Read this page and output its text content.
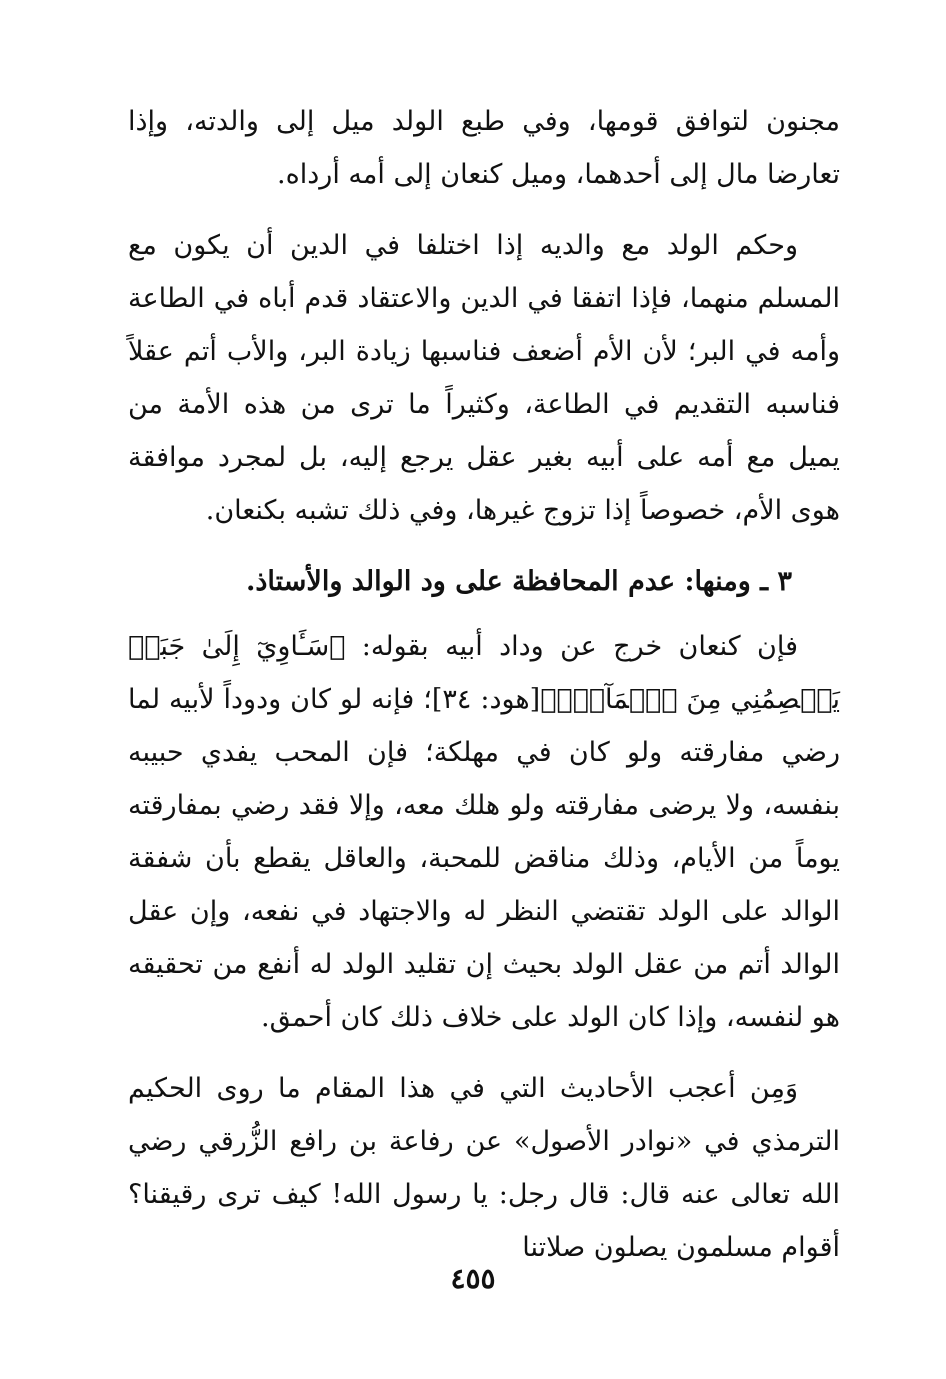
مجنون لتوافق قومها، وفي طبع الولد ميل إلى والدته، وإذا تعارضا مال إلى أحدهما، وميل كنعان إلى أمه أرداه.

وحكم الولد مع والديه إذا اختلفا في الدين أن يكون مع المسلم منهما، فإذا اتفقا في الدين والاعتقاد قدم أباه في الطاعة وأمه في البر؛ لأن الأم أضعف فناسبها زيادة البر، والأب أتم عقلاً فناسبه التقديم في الطاعة، وكثيراً ما ترى من هذه الأمة من يميل مع أمه على أبيه بغير عقل يرجع إليه، بل لمجرد موافقة هوى الأم، خصوصاً إذا تزوج غيرها، وفي ذلك تشبه بكنعان.

٣ ـ ومنها: عدم المحافظة على ود الوالد والأستاذ.

فإن كنعان خرج عن وداد أبيه بقوله: ﴿سَـَٔاوِيٓ إِلَىٰ جَبَلٖ يَعۡصِمُنِي مِنَ ٱلۡمَآءِۚ﴾[هود: ٣٤]؛ فإنه لو كان ودوداً لأبيه لما رضي مفارقته ولو كان في مهلكة؛ فإن المحب يفدي حبيبه بنفسه، ولا يرضى مفارقته ولو هلك معه، وإلا فقد رضي بمفارقته يوماً من الأيام، وذلك مناقض للمحبة، والعاقل يقطع بأن شفقة الوالد على الولد تقتضي النظر له والاجتهاد في نفعه، وإن عقل الوالد أتم من عقل الولد بحيث إن تقليد الولد له أنفع من تحقيقه هو لنفسه، وإذا كان الولد على خلاف ذلك كان أحمق.

وَمِن أعجب الأحاديث التي في هذا المقام ما روى الحكيم الترمذي في «نوادر الأصول» عن رفاعة بن رافع الزُّرقي رضي الله تعالى عنه قال: قال رجل: يا رسول الله! كيف ترى رقيقنا؟ أقوام مسلمون يصلون صلاتنا

٤٥٥
